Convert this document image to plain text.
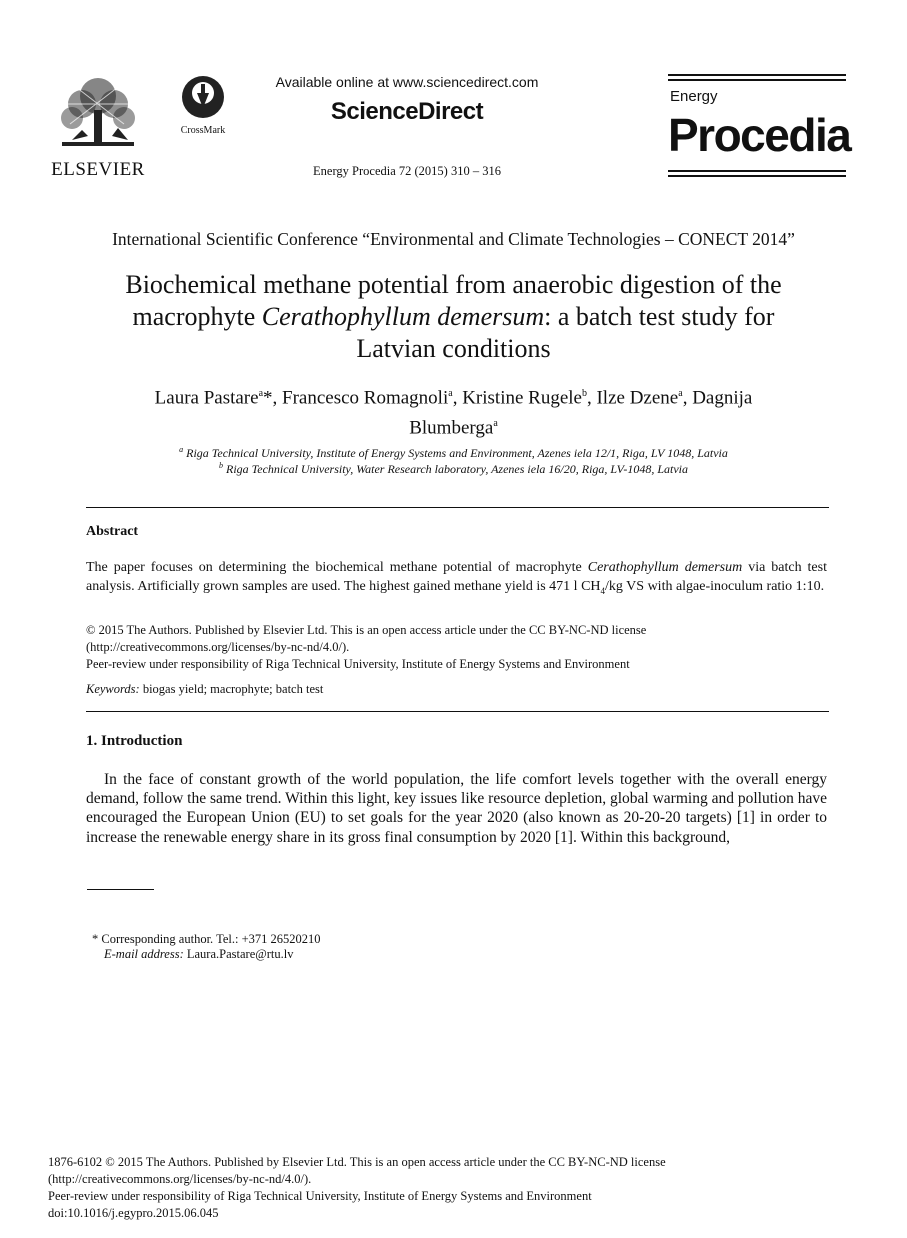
ELSEVIER
CrossMark
Available online at www.sciencedirect.com
ScienceDirect
Energy Procedia 72 (2015) 310 – 316
Energy
Procedia
International Scientific Conference “Environmental and Climate Technologies – CONECT 2014”
Biochemical methane potential from anaerobic digestion of the
macrophyte Cerathophyllum demersum: a batch test study for
Latvian conditions
Laura Pastare$^a$*, Francesco Romagnoli$^a$, Kristine Rugele$^b$, Ilze Dzene$^a$, Dagnija
Blumberga$^a$
$^a$ Riga Technical University, Institute of Energy Systems and Environment, Azenes iela 12/1, Riga, LV 1048, Latvia
$^b$ Riga Technical University, Water Research laboratory, Azenes iela 16/20, Riga, LV-1048, Latvia
Abstract
The paper focuses on determining the biochemical methane potential of macrophyte Cerathophyllum demersum via batch test analysis. Artificially grown samples are used. The highest gained methane yield is 471 l $CH_4/kg$ VS with algae-inoculum ratio 1:10.
© 2015 The Authors. Published by Elsevier Ltd. This is an open access article under the CC BY-NC-ND license
(http://creativecommons.org/licenses/by-nc-nd/4.0/).
Peer-review under responsibility of Riga Technical University, Institute of Energy Systems and Environment
Keywords: biogas yield; macrophyte; batch test
1. Introduction
In the face of constant growth of the world population, the life comfort levels together with the overall energy demand, follow the same trend. Within this light, key issues like resource depletion, global warming and pollution have encouraged the European Union (EU) to set goals for the year 2020 (also known as 20-20-20 targets) [1] in order to increase the renewable energy share in its gross final consumption by 2020 [1]. Within this background,
* Corresponding author. Tel.: +371 26520210
E-mail address: Laura.Pastare@rtu.lv
1876-6102 © 2015 The Authors. Published by Elsevier Ltd. This is an open access article under the CC BY-NC-ND license
(http://creativecommons.org/licenses/by-nc-nd/4.0/).
Peer-review under responsibility of Riga Technical University, Institute of Energy Systems and Environment
doi:10.1016/j.egypro.2015.06.045
